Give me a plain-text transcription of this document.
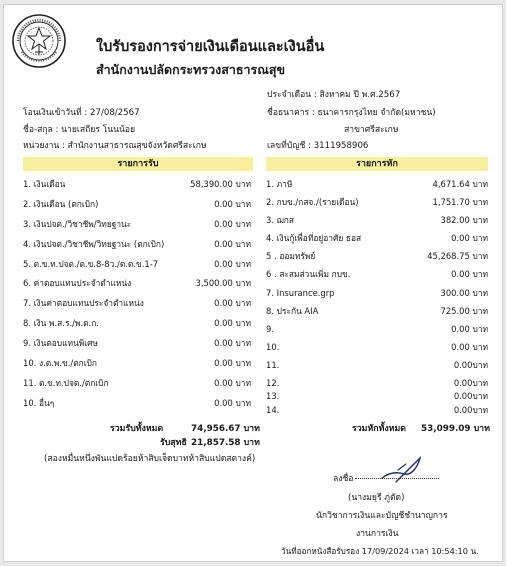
ใบรับรองการจ่ายเงินเดือนและเงินอื่น
สำนักงานปลัดกระทรวงสาธารณสุข
ประจำเดือน : สิงหาคม ปี พ.ศ.2567
ชื่อธนาคาร : ธนาคารกรุงไทย จำกัด(มหาชน)
สาขาศรีสะเกษ
เลขที่บัญชี : 3111958906
โอนเงินเข้าวันที่ : 27/08/2567
ชื่อ-สกุล : นายเสถียร โนนน้อย
หน่วยงาน : สำนักงานสาธารณสุขจังหวัดศรีสะเกษ
รายการรับ	รายการหัก
1. เงินเดือน	58,390.00 บาท
2. เงินเดือน (ตกเบิก)	0.00 บาท
3. เงินปจต./วิชาชีพ/วิทยฐานะ	0.00 บาท
4. เงินปจต./วิชาชีพ/วิทยฐานะ (ตกเบิก)	0.00 บาท
5. ต.ข.ท.ปจต./ต.ข.8-8ว./ต.ต.ข.1-7	0.00 บาท
6. ค่าตอบแทนประจำตำแหน่ง	3,500.00 บาท
7. เงินค่าตอบแทนประจำตำแหน่ง	0.00 บาท
8. เงิน พ.ส.ร./พ.ต.ก.	0.00 บาท
9. เงินตอบแทนพิเศษ	0.00 บาท
10. ง.ต.พ.ข./ตกเบิก	0.00 บาท
11. ต.ข.ท.ปจต./ตกเบิก	0.00 บาท
10. อื่นๆ	0.00 บาท
1. ภาษี	4,671.64 บาท
2. กบข./กสจ./(รายเดือน)	1,751.70 บาท
3. ฌกส	382.00 บาท
4. เงินกู้เพื่อที่อยู่อาศัย ธอส	0.00 บาท
5 . ออมทรัพย์	45,268.75 บาท
6 . สะสมส่วนเพิ่ม กบข.	0.00 บาท
7. Insurance.grp	300.00 บาท
8. ประกัน AIA	725.00 บาท
9.	0.00 บาท
10.	0.00 บาท
11.	0.00บาท
12.	0.00บาท
13.	0.00บาท
14.	0.00บาท
รวมรับทั้งหมด	74,956.67 บาท
รับสุทธิ 21,857.58 บาท
(สองหมื่นหนึ่งพันแปดร้อยห้าสิบเจ็ดบาทห้าสิบแปดสตางค์)
รวมหักทั้งหมด 53,099.09 บาท
ลงชื่อ
(นางมยุรี ภู่ตัด)
นักวิชาการเงินและบัญชีชำนาญการ
งานการเงิน
วันที่ออกหนังสือรับรอง 17/09/2024 เวลา 10:54:10 น.
